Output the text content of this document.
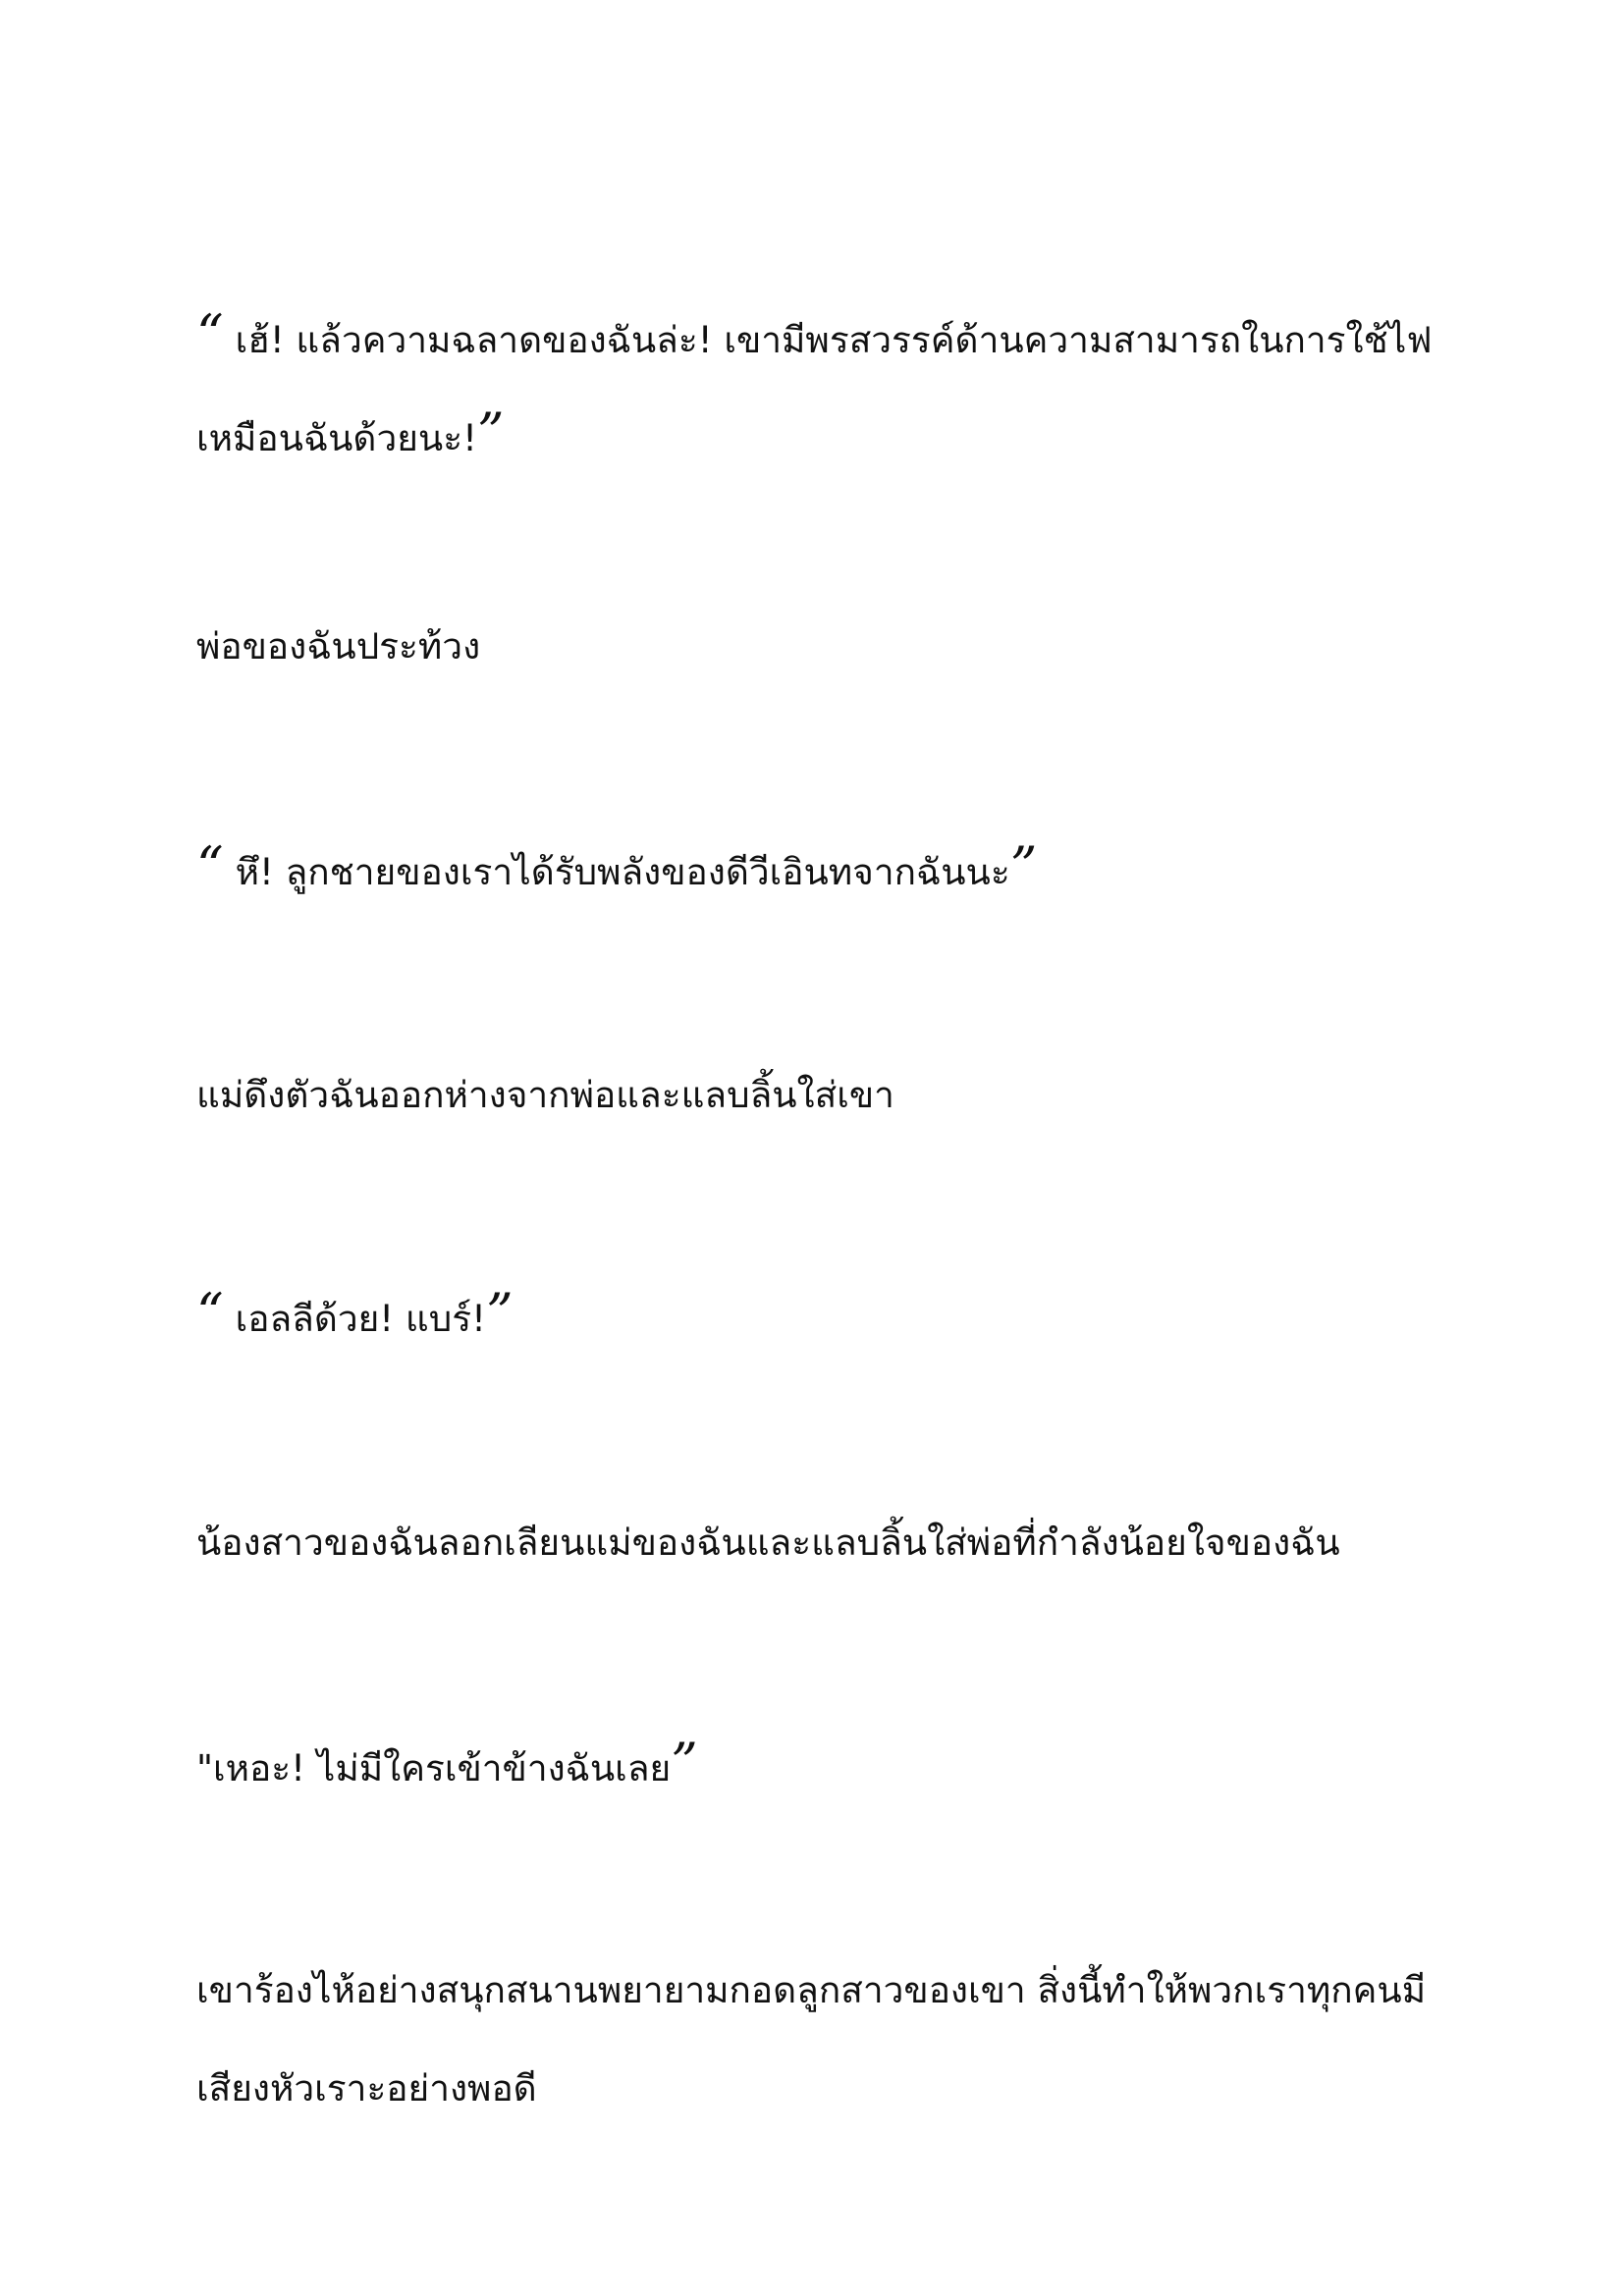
“ เฮ้! แล้วความฉลาดของฉันล่ะ! เขามีพรสวรรค์ด้านความสามารถในการใช้ไฟเหมือนฉันด้วยนะ!”

พ่อของฉันประท้วง

“ หึ! ลูกชายของเราได้รับพลังของดีวีเอินทจากฉันนะ”

แม่ดึงตัวฉันออกห่างจากพ่อและแลบลิ้นใส่เขา

“ เอลลีด้วย! แบร์!”

น้องสาวของฉันลอกเลียนแม่ของฉันและแลบลิ้นใส่พ่อที่กำลังน้อยใจของฉัน

"เหอะ! ไม่มีใครเข้าข้างฉันเลย”

เขาร้องไห้อย่างสนุกสนานพยายามกอดลูกสาวของเขา สิ่งนี้ทำให้พวกเราทุกคนมีเสียงหัวเราะอย่างพอดี
